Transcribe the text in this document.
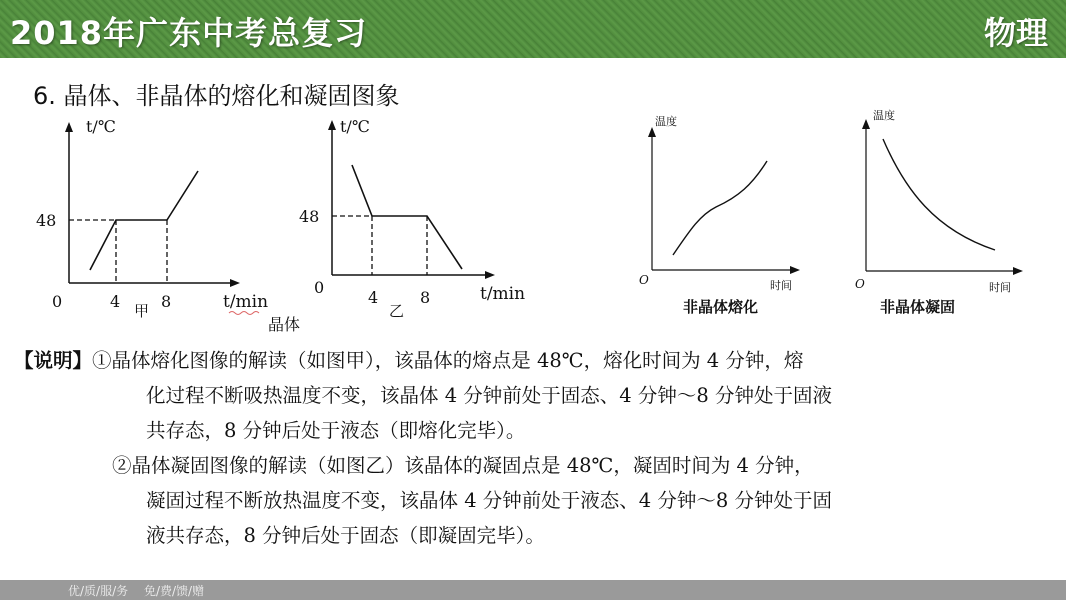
2018年广东中考总复习	物理
6. 晶体、非晶体的熔化和凝固图象
t/℃
48
0	4	8	t/min
甲
晶体
t/℃
48
0
4	8	t/min
乙
温度
O	时间
非晶体熔化
温度
O	时间
非晶体凝固
【说明】①晶体熔化图像的解读（如图甲），该晶体的熔点是 48℃，熔化时间为 4 分钟，熔
化过程不断吸热温度不变，该晶体 4 分钟前处于固态、4 分钟～8 分钟处于固液
共存态，8 分钟后处于液态（即熔化完毕）。
②晶体凝固图像的解读（如图乙）该晶体的凝固点是 48℃，凝固时间为 4 分钟，
凝固过程不断放热温度不变，该晶体 4 分钟前处于液态、4 分钟～8 分钟处于固
液共存态，8 分钟后处于固态（即凝固完毕）。
优/质/服/务　 免/费/馈/赠
